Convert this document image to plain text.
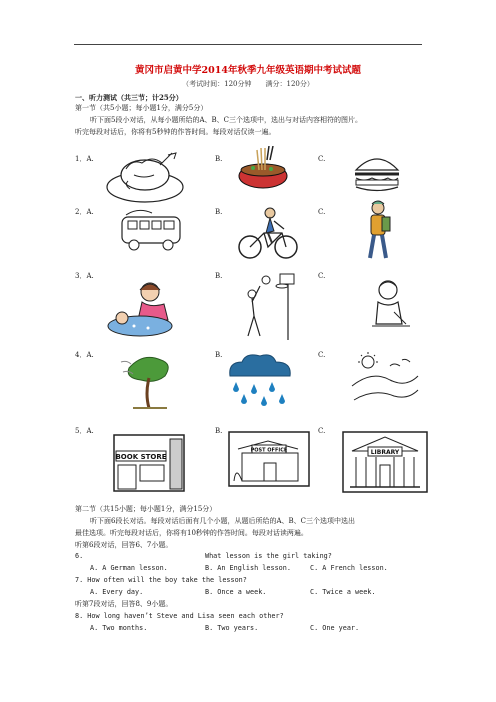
黄冈市启黄中学2014年秋季九年级英语期中考试试题
（考试时间：120分钟　　满分：120分）
一、听力测试（共三节；计25分）
第一节（共5小题；每小题1分，满分5分）
听下面5段小对话，从每小题所给的A、B、C三个选项中，选出与对话内容相符的图片。
听完每段对话后，你将有5秒钟的作答时间。每段对话仅读一遍。
1．A.	B.	C.
2．A.	B.	C.
3．A.	B.	C.
4．A.	B.	C.
5．A.	B.	C.
BOOK STORE
POST OFFICE	LIBRARY
第二节（共15小题；每小题1分，满分15分）
听下面6段长对话。每段对话后面有几个小题，从题后所给的A、B、C三个选项中选出
最佳选项。听完每段对话后，你将有10秒钟的作答时间。每段对话读两遍。
听第6段对话，回答6、7小题。
6.	What lesson is the girl taking?
A. A German lesson.	B. An English lesson.	C. A French lesson.
7. How often will the boy take the lesson?
A. Every day.	B. Once a week.	C. Twice a week.
听第7段对话，回答8、9小题。
8. How long haven’t Steve and Lisa seen each other?
A. Two months.	B. Two years.	C. One year.
